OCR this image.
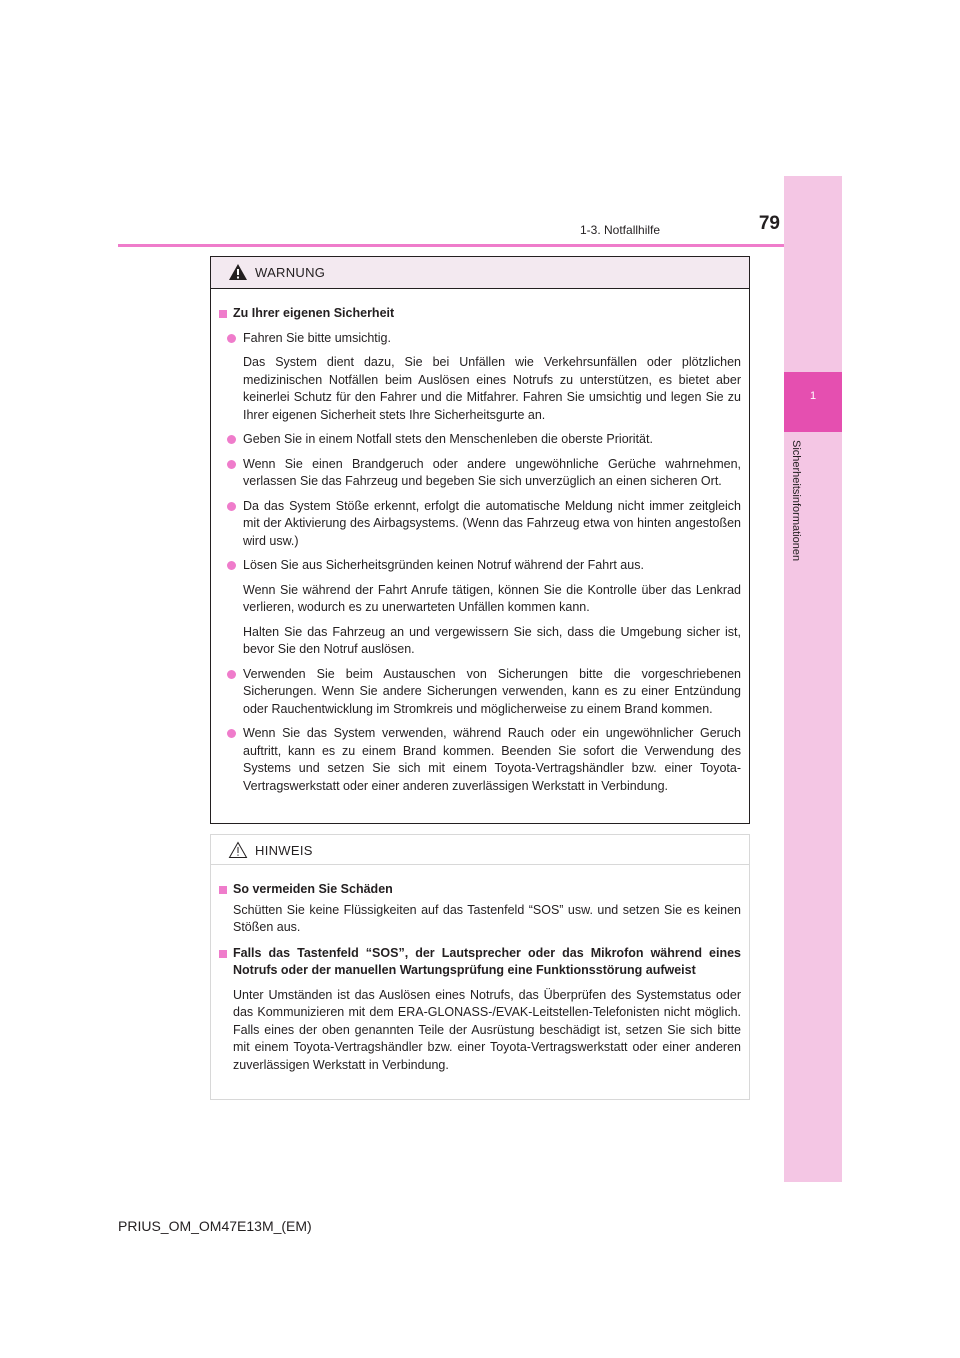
1-3. Notfallhilfe	79
1
Sicherheitsinformationen
WARNUNG
Zu Ihrer eigenen Sicherheit
Fahren Sie bitte umsichtig.
Das System dient dazu, Sie bei Unfällen wie Verkehrsunfällen oder plötzlichen medizinischen Notfällen beim Auslösen eines Notrufs zu unterstützen, es bietet aber keinerlei Schutz für den Fahrer und die Mitfahrer. Fahren Sie umsichtig und legen Sie zu Ihrer eigenen Sicherheit stets Ihre Sicherheitsgurte an.
Geben Sie in einem Notfall stets den Menschenleben die oberste Priorität.
Wenn Sie einen Brandgeruch oder andere ungewöhnliche Gerüche wahrnehmen, verlassen Sie das Fahrzeug und begeben Sie sich unverzüglich an einen sicheren Ort.
Da das System Stöße erkennt, erfolgt die automatische Meldung nicht immer zeitgleich mit der Aktivierung des Airbagsystems. (Wenn das Fahrzeug etwa von hinten angestoßen wird usw.)
Lösen Sie aus Sicherheitsgründen keinen Notruf während der Fahrt aus.
Wenn Sie während der Fahrt Anrufe tätigen, können Sie die Kontrolle über das Lenkrad verlieren, wodurch es zu unerwarteten Unfällen kommen kann.
Halten Sie das Fahrzeug an und vergewissern Sie sich, dass die Umgebung sicher ist, bevor Sie den Notruf auslösen.
Verwenden Sie beim Austauschen von Sicherungen bitte die vorgeschriebenen Sicherungen. Wenn Sie andere Sicherungen verwenden, kann es zu einer Entzündung oder Rauchentwicklung im Stromkreis und möglicherweise zu einem Brand kommen.
Wenn Sie das System verwenden, während Rauch oder ein ungewöhnlicher Geruch auftritt, kann es zu einem Brand kommen. Beenden Sie sofort die Verwendung des Systems und setzen Sie sich mit einem Toyota-Vertragshändler bzw. einer Toyota-Vertragswerkstatt oder einer anderen zuverlässigen Werkstatt in Verbindung.
HINWEIS
So vermeiden Sie Schäden
Schütten Sie keine Flüssigkeiten auf das Tastenfeld “SOS” usw. und setzen Sie es keinen Stößen aus.
Falls das Tastenfeld “SOS”, der Lautsprecher oder das Mikrofon während eines Notrufs oder der manuellen Wartungsprüfung eine Funktionsstörung aufweist
Unter Umständen ist das Auslösen eines Notrufs, das Überprüfen des Systemstatus oder das Kommunizieren mit dem ERA-GLONASS-/EVAK-Leitstellen-Telefonisten nicht möglich. Falls eines der oben genannten Teile der Ausrüstung beschädigt ist, setzen Sie sich bitte mit einem Toyota-Vertragshändler bzw. einer Toyota-Vertragswerkstatt oder einer anderen zuverlässigen Werkstatt in Verbindung.
PRIUS_OM_OM47E13M_(EM)
